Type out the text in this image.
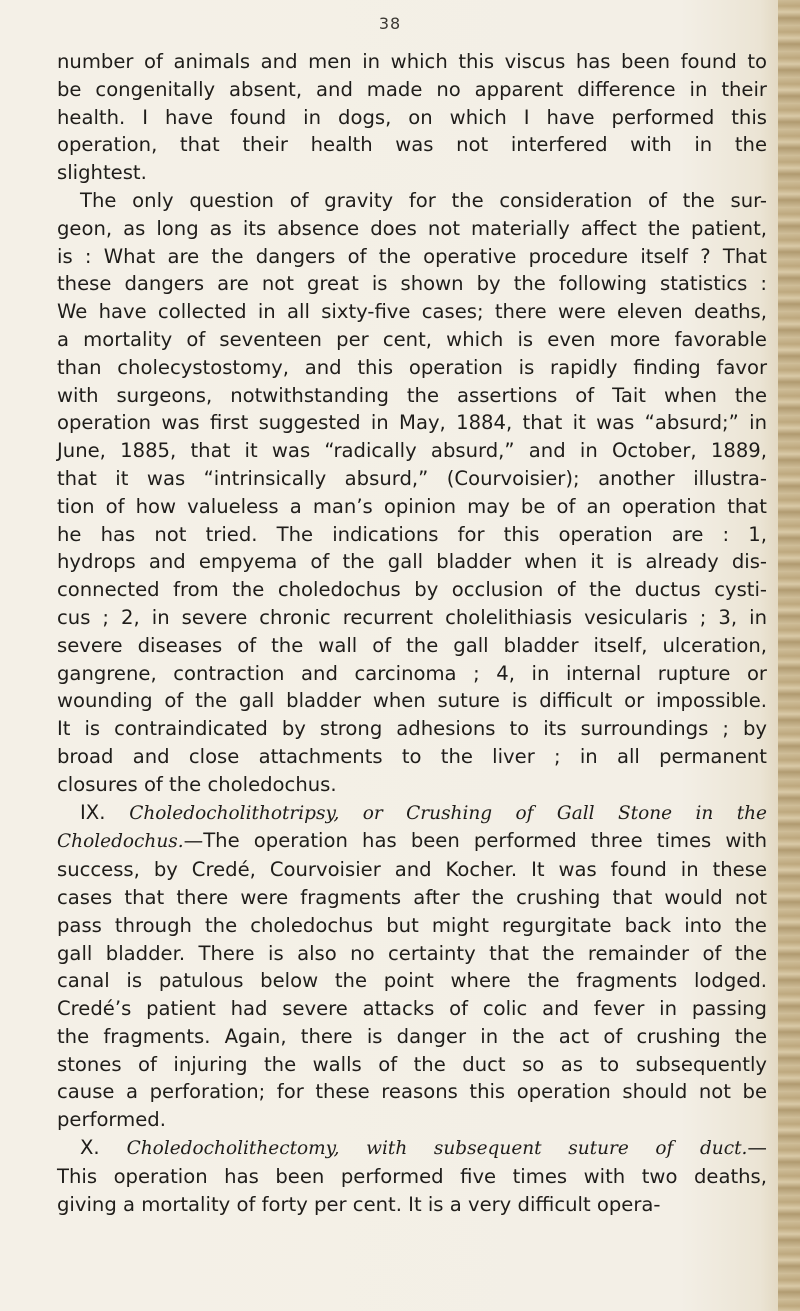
38
number of animals and men in which this viscus has been found to
be congenitally absent, and made no apparent difference in their
health. I have found in dogs, on which I have performed this
operation, that their health was not interfered with in the
slightest.
The only question of gravity for the consideration of the sur-
geon, as long as its absence does not materially affect the patient,
is : What are the dangers of the operative procedure itself ? That
these dangers are not great is shown by the following statistics :
We have collected in all sixty-five cases; there were eleven deaths,
a mortality of seventeen per cent, which is even more favorable
than cholecystostomy, and this operation is rapidly finding favor
with surgeons, notwithstanding the assertions of Tait when the
operation was first suggested in May, 1884, that it was “absurd;” in
June, 1885, that it was “radically absurd,” and in October, 1889,
that it was “intrinsically absurd,” (Courvoisier); another illustra-
tion of how valueless a man’s opinion may be of an operation that
he has not tried. The indications for this operation are : 1,
hydrops and empyema of the gall bladder when it is already dis-
connected from the choledochus by occlusion of the ductus cysti-
cus ; 2, in severe chronic recurrent cholelithiasis vesicularis ; 3, in
severe diseases of the wall of the gall bladder itself, ulceration,
gangrene, contraction and carcinoma ; 4, in internal rupture or
wounding of the gall bladder when suture is difficult or impossible.
It is contraindicated by strong adhesions to its surroundings ; by
broad and close attachments to the liver ; in all permanent
closures of the choledochus.
IX. Choledocholithotripsy, or Crushing of Gall Stone in the
Choledochus.—The operation has been performed three times with
success, by Credé, Courvoisier and Kocher. It was found in these
cases that there were fragments after the crushing that would not
pass through the choledochus but might regurgitate back into the
gall bladder. There is also no certainty that the remainder of the
canal is patulous below the point where the fragments lodged.
Credé’s patient had severe attacks of colic and fever in passing
the fragments. Again, there is danger in the act of crushing the
stones of injuring the walls of the duct so as to subsequently
cause a perforation; for these reasons this operation should not be
performed.
X. Choledocholithectomy, with subsequent suture of duct.—
This operation has been performed five times with two deaths,
giving a mortality of forty per cent. It is a very difficult opera-
